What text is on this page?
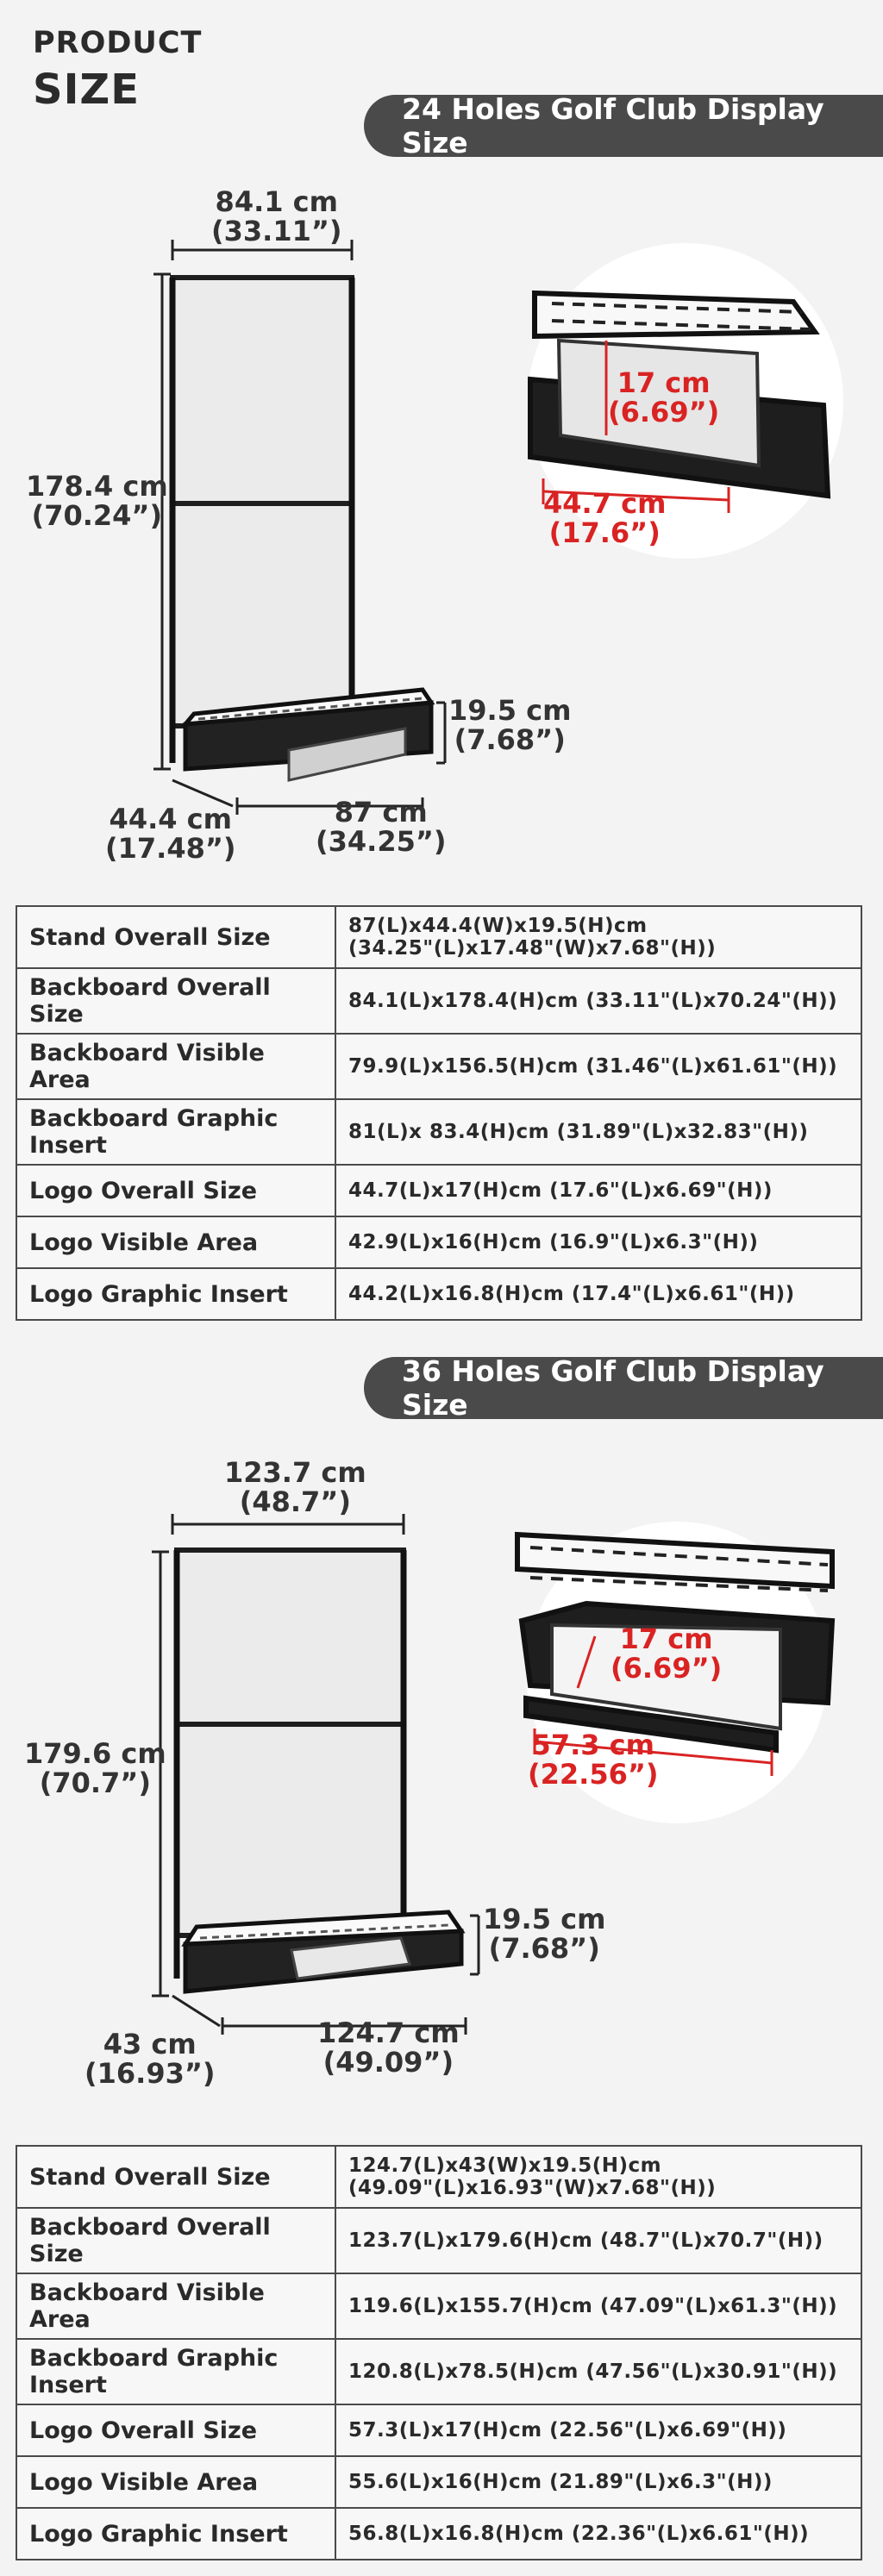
PRODUCT
SIZE	24 Holes Golf Club Display Size
84.1 cm
(33.11”)
178.4 cm
(70.24”)
19.5 cm
(7.68”)
44.4 cm
(17.48”)
87 cm
(34.25”)
17 cm
(6.69”)
44.7 cm
(17.6”)
Stand Overall Size	87(L)x44.4(W)x19.5(H)cm
(34.25"(L)x17.48"(W)x7.68"(H))

Backboard Overall Size	84.1(L)x178.4(H)cm (33.11"(L)x70.24"(H))
Backboard Visible Area	79.9(L)x156.5(H)cm (31.46"(L)x61.61"(H))
Backboard Graphic Insert	81(L)x 83.4(H)cm (31.89"(L)x32.83"(H))
Logo Overall Size	44.7(L)x17(H)cm (17.6"(L)x6.69"(H))
Logo Visible Area	42.9(L)x16(H)cm (16.9"(L)x6.3"(H))
Logo Graphic Insert	44.2(L)x16.8(H)cm (17.4"(L)x6.61"(H))
36 Holes Golf Club Display Size
123.7 cm
(48.7”)
179.6 cm
(70.7”)
19.5 cm
(7.68”)
43 cm
(16.93”)
124.7 cm
(49.09”)
17 cm
(6.69”)
57.3 cm
(22.56”)
Stand Overall Size	124.7(L)x43(W)x19.5(H)cm
(49.09"(L)x16.93"(W)x7.68"(H))

Backboard Overall Size	123.7(L)x179.6(H)cm (48.7"(L)x70.7"(H))
Backboard Visible Area	119.6(L)x155.7(H)cm (47.09"(L)x61.3"(H))
Backboard Graphic Insert	120.8(L)x78.5(H)cm (47.56"(L)x30.91"(H))
Logo Overall Size	57.3(L)x17(H)cm (22.56"(L)x6.69"(H))
Logo Visible Area	55.6(L)x16(H)cm (21.89"(L)x6.3"(H))
Logo Graphic Insert	56.8(L)x16.8(H)cm (22.36"(L)x6.61"(H))
